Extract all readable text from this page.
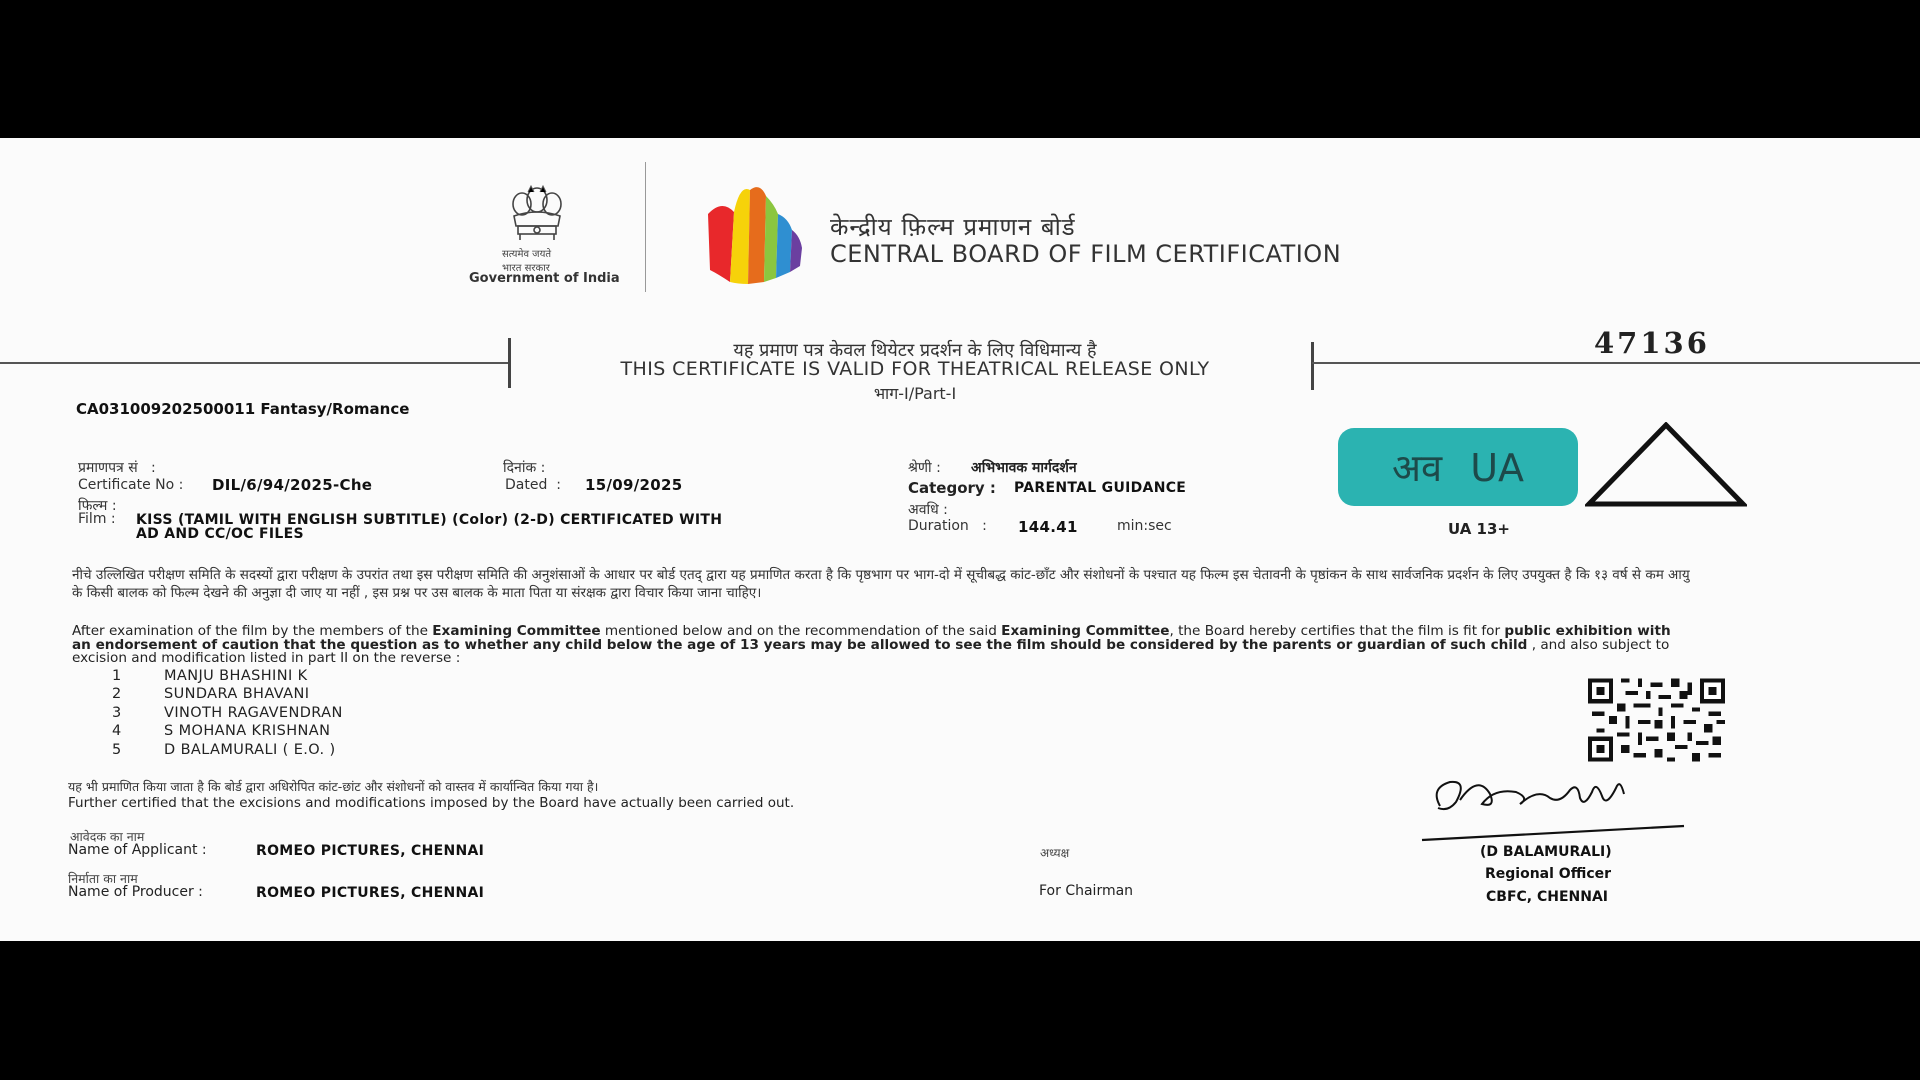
सत्यमेव जयते
भारत सरकार
Government of India
केन्द्रीय फ़िल्म प्रमाणन बोर्ड
CENTRAL BOARD OF FILM CERTIFICATION
यह प्रमाण पत्र केवल थियेटर प्रदर्शन के लिए विधिमान्य है
THIS CERTIFICATE IS VALID FOR THEATRICAL RELEASE ONLY
भाग-I/Part-I
47136
CA031009202500011 Fantasy/Romance
प्रमाणपत्र सं   :
Certificate No : DIL/6/94/2025-Che
दिनांक :
Dated  : 15/09/2025
फिल्म :
Film : KISS (TAMIL WITH ENGLISH SUBTITLE) (Color) (2-D) CERTIFICATED WITH
AD AND CC/OC FILES
श्रेणी : अभिभावक मार्गदर्शन
Category : PARENTAL GUIDANCE
अवधि :
Duration   : 144.41	min:sec
अव UA
UA 13+
नीचे उल्लिखित परीक्षण समिति के सदस्यों द्वारा परीक्षण के उपरांत तथा इस परीक्षण समिति की अनुशंसाओं के आधार पर बोर्ड एतद् द्वारा यह प्रमाणित करता है कि पृष्ठभाग पर भाग-दो में सूचीबद्ध कांट-छाँट और संशोधनों के पश्चात यह फिल्म इस चेतावनी के पृष्ठांकन के साथ सार्वजनिक प्रदर्शन के लिए उपयुक्त है कि १३ वर्ष से कम आयु के किसी बालक को फिल्म देखने की अनुज्ञा दी जाए या नहीं , इस प्रश्न पर उस बालक के माता पिता या संरक्षक द्वारा विचार किया जाना चाहिए।
After examination of the film by the members of the Examining Committee mentioned below and on the recommendation of the said Examining Committee, the Board hereby certifies that the film is fit for public exhibition with an endorsement of caution that the question as to whether any child below the age of 13 years may be allowed to see the film should be considered by the parents or guardian of such child , and also subject to excision and modification listed in part II on the reverse :
1	MANJU BHASHINI K
2	SUNDARA BHAVANI
3	VINOTH RAGAVENDRAN
4	S MOHANA KRISHNAN
5	D BALAMURALI ( E.O. )
यह भी प्रमाणित किया जाता है कि बोर्ड द्वारा अधिरोपित कांट-छांट और संशोधनों को वास्तव में कार्यान्वित किया गया है।
Further certified that the excisions and modifications imposed by the Board have actually been carried out.
आवेदक का नाम
Name of Applicant :	ROMEO PICTURES, CHENNAI
निर्माता का नाम
Name of Producer :	ROMEO PICTURES, CHENNAI
अध्यक्ष
For Chairman
(D BALAMURALI)
Regional Officer
CBFC, CHENNAI
